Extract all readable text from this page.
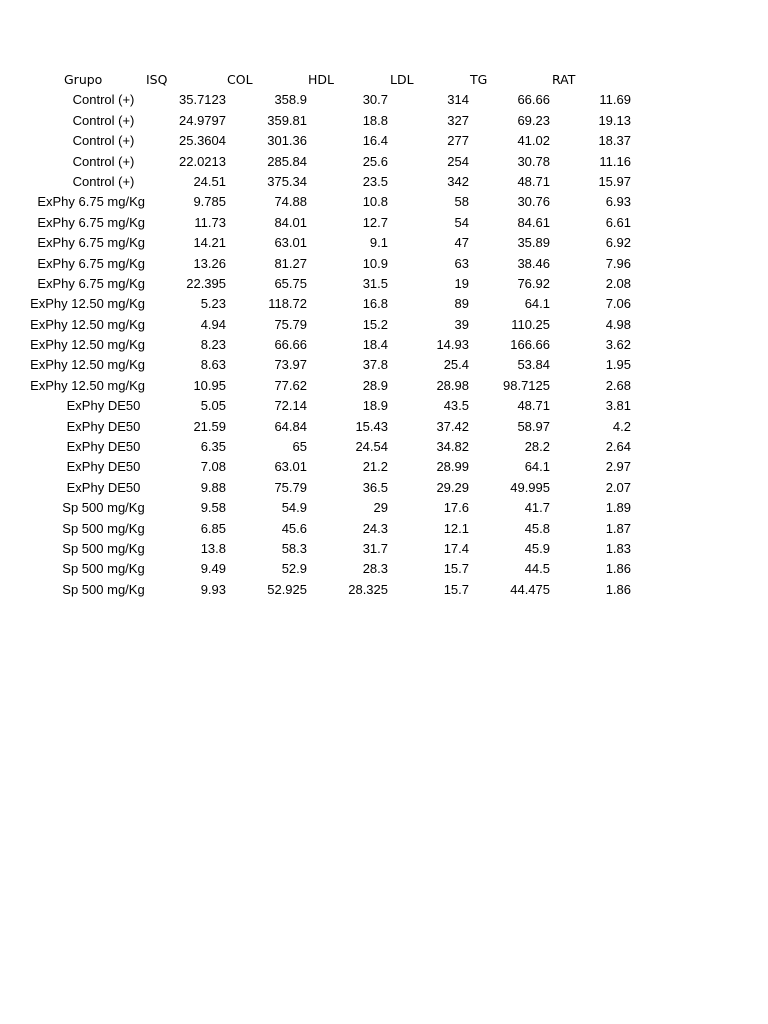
Grupo	ISQ	COL	HDL	LDL	TG	RAT
Control (+)	35.7123	358.9	30.7	314	66.66	11.69
Control (+)	24.9797	359.81	18.8	327	69.23	19.13
Control (+)	25.3604	301.36	16.4	277	41.02	18.37
Control (+)	22.0213	285.84	25.6	254	30.78	11.16
Control (+)	24.51	375.34	23.5	342	48.71	15.97
ExPhy 6.75 mg/Kg	9.785	74.88	10.8	58	30.76	6.93
ExPhy 6.75 mg/Kg	11.73	84.01	12.7	54	84.61	6.61
ExPhy 6.75 mg/Kg	14.21	63.01	9.1	47	35.89	6.92
ExPhy 6.75 mg/Kg	13.26	81.27	10.9	63	38.46	7.96
ExPhy 6.75 mg/Kg	22.395	65.75	31.5	19	76.92	2.08
ExPhy 12.50 mg/Kg	5.23	118.72	16.8	89	64.1	7.06
ExPhy 12.50 mg/Kg	4.94	75.79	15.2	39	110.25	4.98
ExPhy 12.50 mg/Kg	8.23	66.66	18.4	14.93	166.66	3.62
ExPhy 12.50 mg/Kg	8.63	73.97	37.8	25.4	53.84	1.95
ExPhy 12.50 mg/Kg	10.95	77.62	28.9	28.98	98.7125	2.68
ExPhy DE50	5.05	72.14	18.9	43.5	48.71	3.81
ExPhy DE50	21.59	64.84	15.43	37.42	58.97	4.2
ExPhy DE50	6.35	65	24.54	34.82	28.2	2.64
ExPhy DE50	7.08	63.01	21.2	28.99	64.1	2.97
ExPhy DE50	9.88	75.79	36.5	29.29	49.995	2.07
Sp 500 mg/Kg	9.58	54.9	29	17.6	41.7	1.89
Sp 500 mg/Kg	6.85	45.6	24.3	12.1	45.8	1.87
Sp 500 mg/Kg	13.8	58.3	31.7	17.4	45.9	1.83
Sp 500 mg/Kg	9.49	52.9	28.3	15.7	44.5	1.86
Sp 500 mg/Kg	9.93	52.925	28.325	15.7	44.475	1.86
